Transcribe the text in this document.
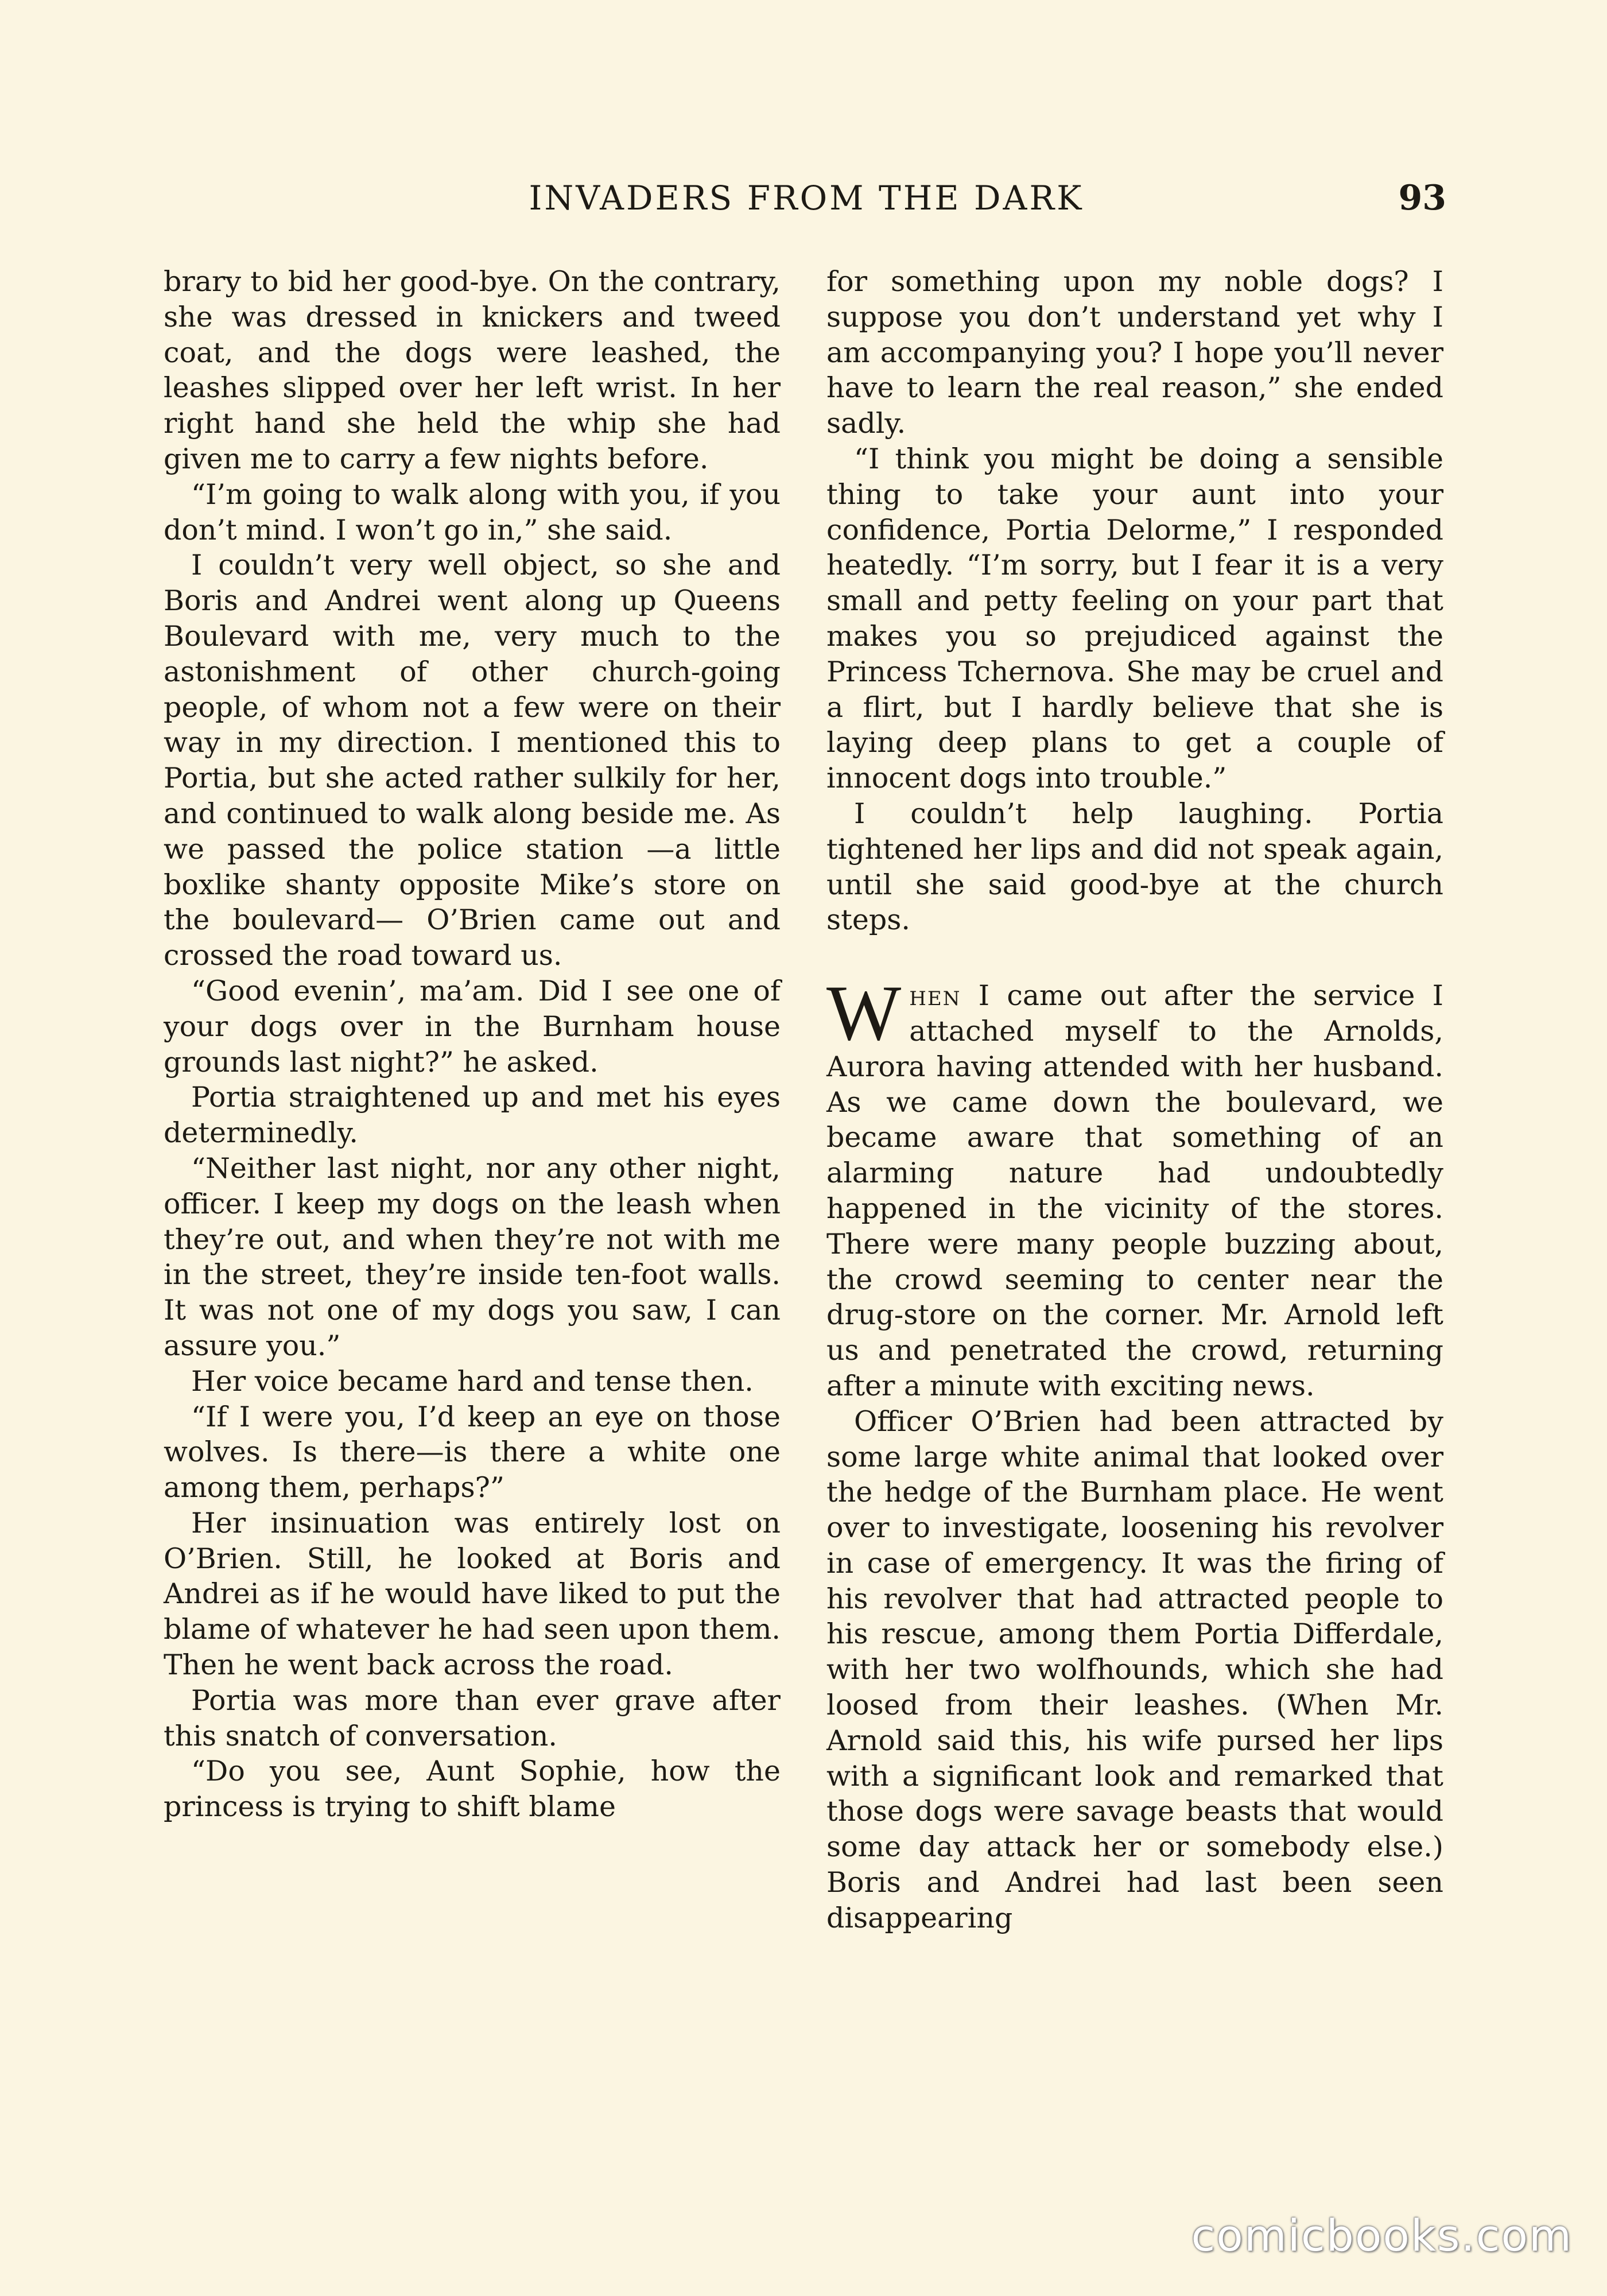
INVADERS FROM THE DARK	93

brary to bid her good-bye. On the contrary, she was dressed in knickers and tweed coat, and the dogs were leashed, the leashes slipped over her left wrist. In her right hand she held the whip she had given me to carry a few nights before.

“I’m going to walk along with you, if you don’t mind. I won’t go in,” she said.

I couldn’t very well object, so she and Boris and Andrei went along up Queens Boulevard with me, very much to the astonishment of other church-going people, of whom not a few were on their way in my direction. I mentioned this to Portia, but she acted rather sulkily for her, and continued to walk along beside me. As we passed the police station —a little boxlike shanty opposite Mike’s store on the boulevard— O’Brien came out and crossed the road toward us.

“Good evenin’, ma’am. Did I see one of your dogs over in the Burnham house grounds last night?” he asked.

Portia straightened up and met his eyes determinedly.

“Neither last night, nor any other night, officer. I keep my dogs on the leash when they’re out, and when they’re not with me in the street, they’re inside ten-foot walls. It was not one of my dogs you saw, I can assure you.”

Her voice became hard and tense then.

“If I were you, I’d keep an eye on those wolves. Is there—is there a white one among them, perhaps?”

Her insinuation was entirely lost on O’Brien. Still, he looked at Boris and Andrei as if he would have liked to put the blame of whatever he had seen upon them. Then he went back across the road.

Portia was more than ever grave after this snatch of conversation.

“Do you see, Aunt Sophie, how the princess is trying to shift blame

for something upon my noble dogs? I suppose you don’t understand yet why I am accompanying you? I hope you’ll never have to learn the real reason,” she ended sadly.

“I think you might be doing a sensible thing to take your aunt into your confidence, Portia Delorme,” I responded heatedly. “I’m sorry, but I fear it is a very small and petty feeling on your part that makes you so prejudiced against the Princess Tchernova. She may be cruel and a flirt, but I hardly believe that she is laying deep plans to get a couple of innocent dogs into trouble.”

I couldn’t help laughing. Portia tightened her lips and did not speak again, until she said good-bye at the church steps.

When I came out after the service I attached myself to the Arnolds, Aurora having attended with her husband. As we came down the boulevard, we became aware that something of an alarming nature had undoubtedly happened in the vicinity of the stores. There were many people buzzing about, the crowd seeming to center near the drug-store on the corner. Mr. Arnold left us and penetrated the crowd, returning after a minute with exciting news.

Officer O’Brien had been attracted by some large white animal that looked over the hedge of the Burnham place. He went over to investigate, loosening his revolver in case of emergency. It was the firing of his revolver that had attracted people to his rescue, among them Portia Differdale, with her two wolfhounds, which she had loosed from their leashes. (When Mr. Arnold said this, his wife pursed her lips with a significant look and remarked that those dogs were savage beasts that would some day attack her or somebody else.) Boris and Andrei had last been seen disappearing

comicbooks.com
